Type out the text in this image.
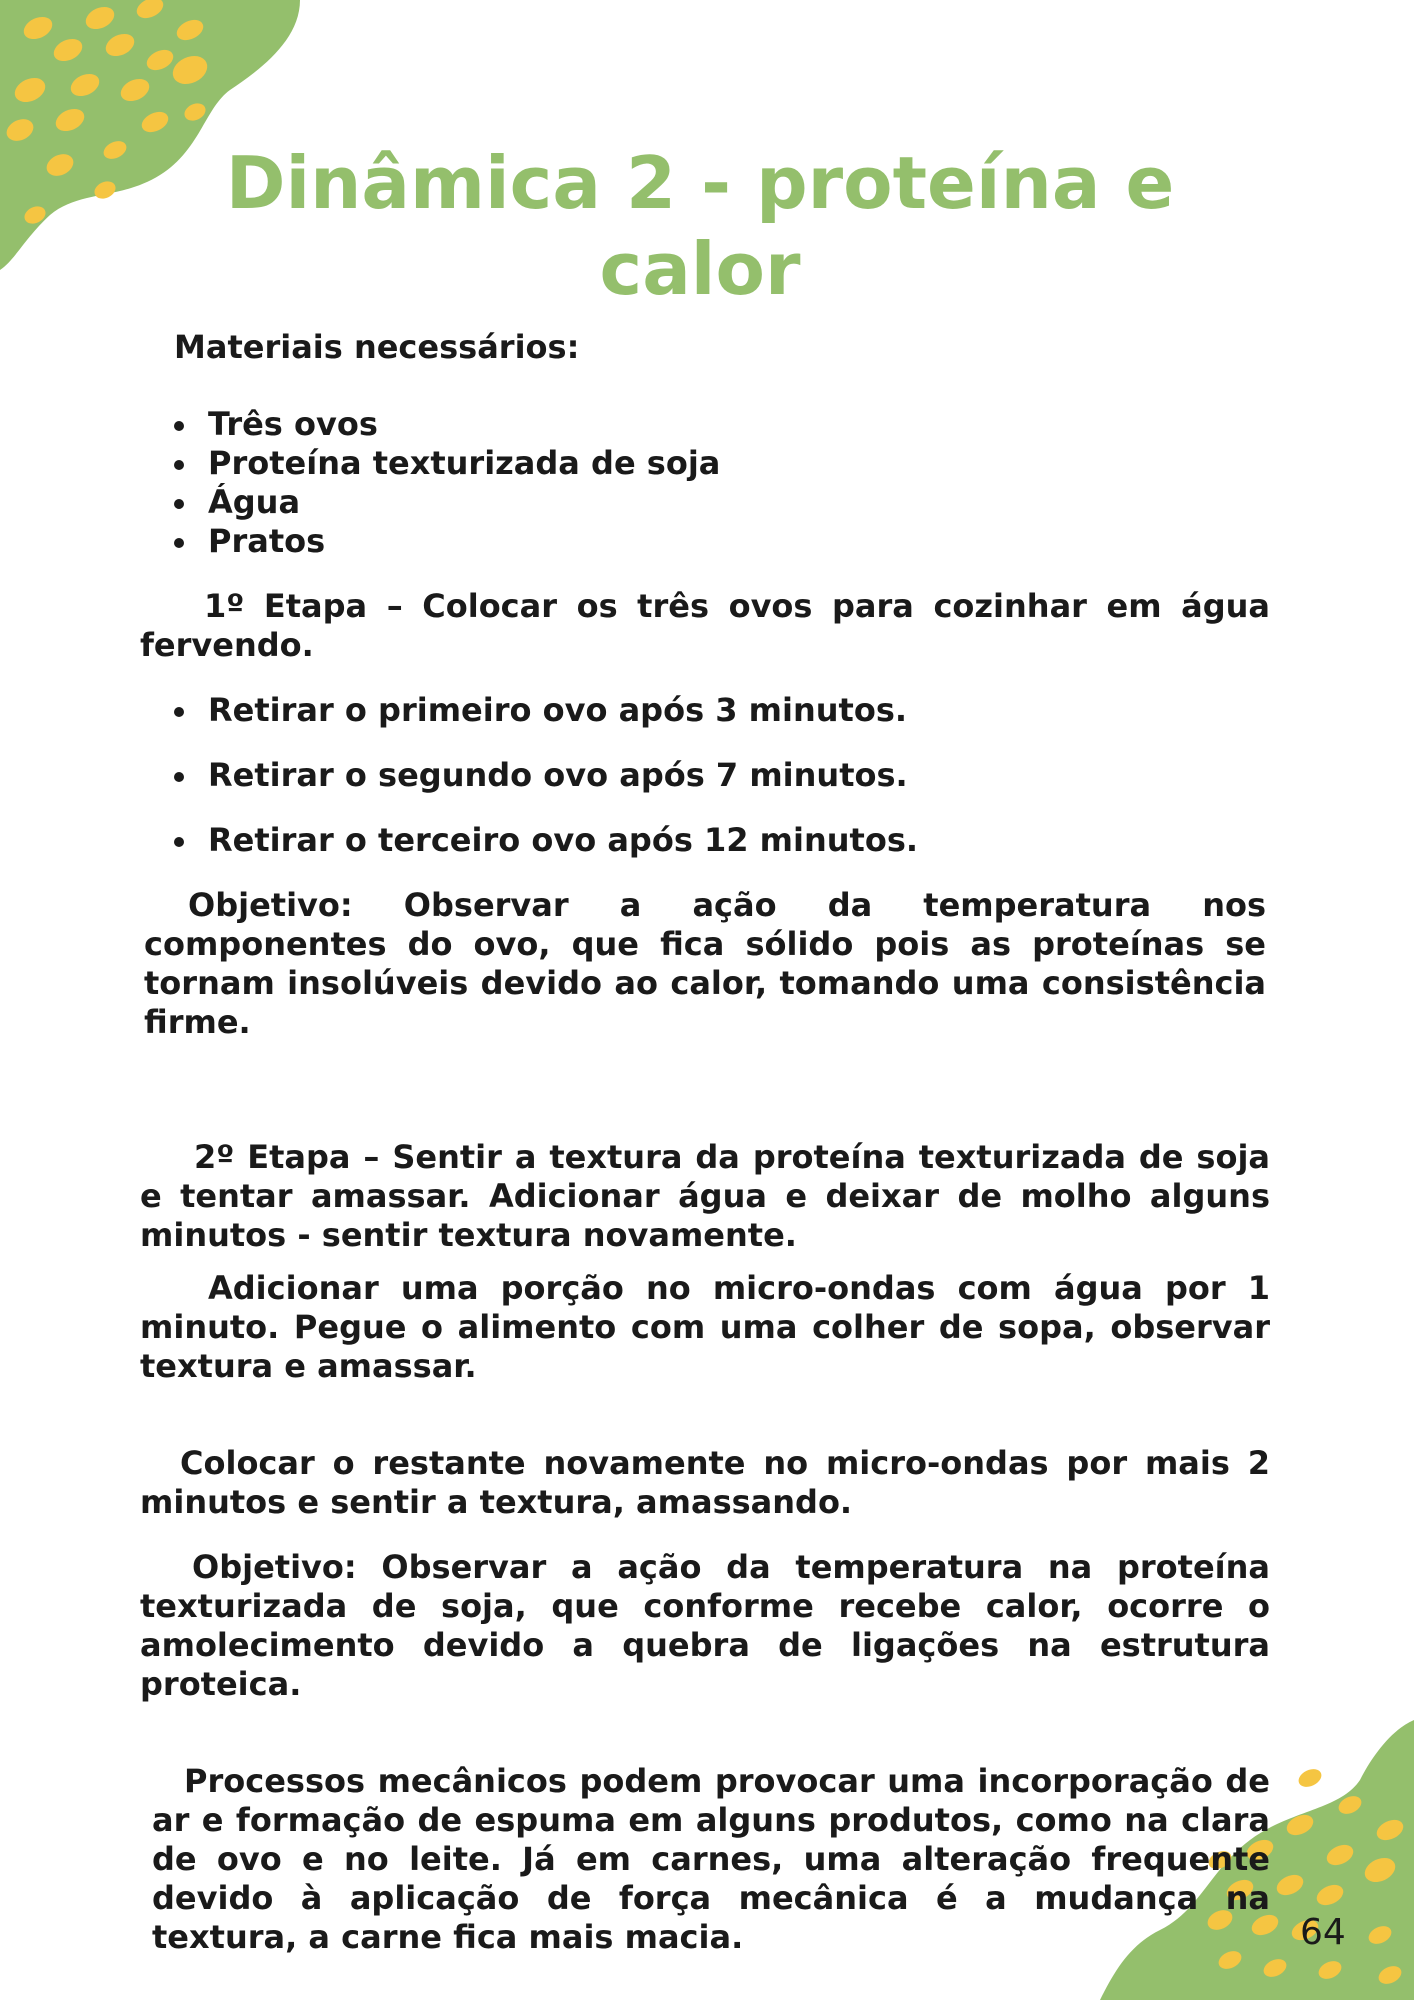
Dinâmica 2 - proteína e calor

Materiais necessários:

Três ovos
Proteína texturizada de soja
Água
Pratos

1º Etapa – Colocar os três ovos para cozinhar em água fervendo.

Retirar o primeiro ovo após 3 minutos.
Retirar o segundo ovo após 7 minutos.
Retirar o terceiro ovo após 12 minutos.

Objetivo: Observar a ação da temperatura nos componentes do ovo, que fica sólido pois as proteínas se tornam insolúveis devido ao calor, tomando uma consistência firme.

2º Etapa – Sentir a textura da proteína texturizada de soja e tentar amassar. Adicionar água e deixar de molho alguns minutos - sentir textura novamente.

Adicionar uma porção no micro-ondas com água por 1 minuto. Pegue o alimento com uma colher de sopa, observar textura e amassar.

Colocar o restante novamente no micro-ondas por mais 2 minutos e sentir a textura, amassando.

Objetivo: Observar a ação da temperatura na proteína texturizada de soja, que conforme recebe calor, ocorre o amolecimento devido a quebra de ligações na estrutura proteica.

Processos mecânicos podem provocar uma incorporação de ar e formação de espuma em alguns produtos, como na clara de ovo e no leite. Já em carnes, uma alteração frequente devido à aplicação de força mecânica é a mudança na textura, a carne fica mais macia.	64
